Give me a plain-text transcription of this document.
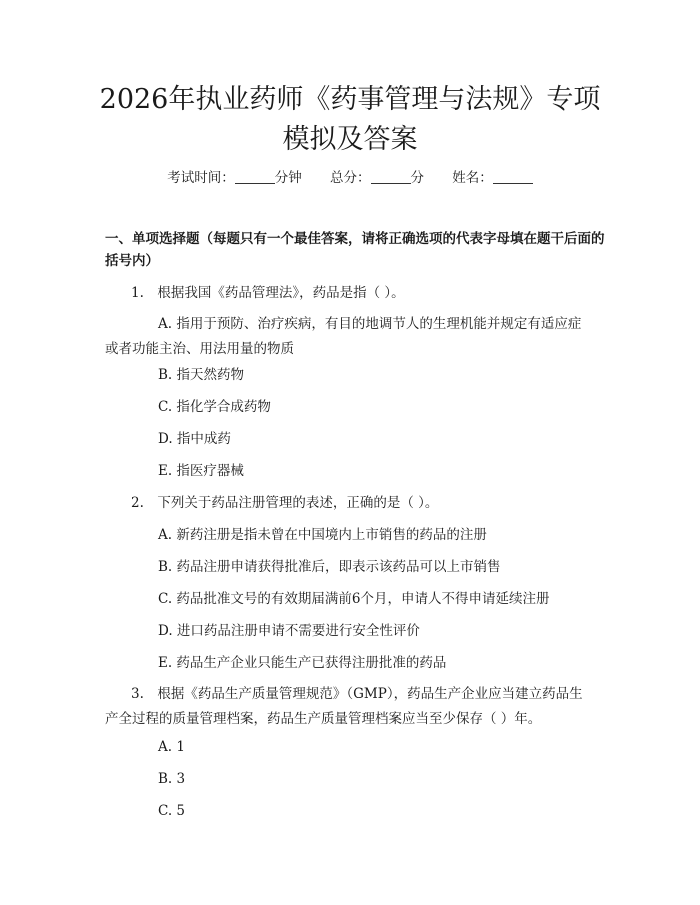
2026年执业药师《药事管理与法规》专项模拟及答案
考试时间：	分钟 总分：	分 姓名：
一、单项选择题（每题只有一个最佳答案，请将正确选项的代表字母填在题干后面的括号内）
1.　根据我国《药品管理法》，药品是指（ ）。
A. 指用于预防、治疗疾病，有目的地调节人的生理机能并规定有适应症或者功能主治、用法用量的物质
B. 指天然药物
C. 指化学合成药物
D. 指中成药
E. 指医疗器械
2.　下列关于药品注册管理的表述，正确的是（ ）。
A. 新药注册是指未曾在中国境内上市销售的药品的注册
B. 药品注册申请获得批准后，即表示该药品可以上市销售
C. 药品批准文号的有效期届满前6个月，申请人不得申请延续注册
D. 进口药品注册申请不需要进行安全性评价
E. 药品生产企业只能生产已获得注册批准的药品
3.　根据《药品生产质量管理规范》（GMP），药品生产企业应当建立药品生产全过程的质量管理档案，药品生产质量管理档案应当至少保存（ ）年。
A. 1
B. 3
C. 5
